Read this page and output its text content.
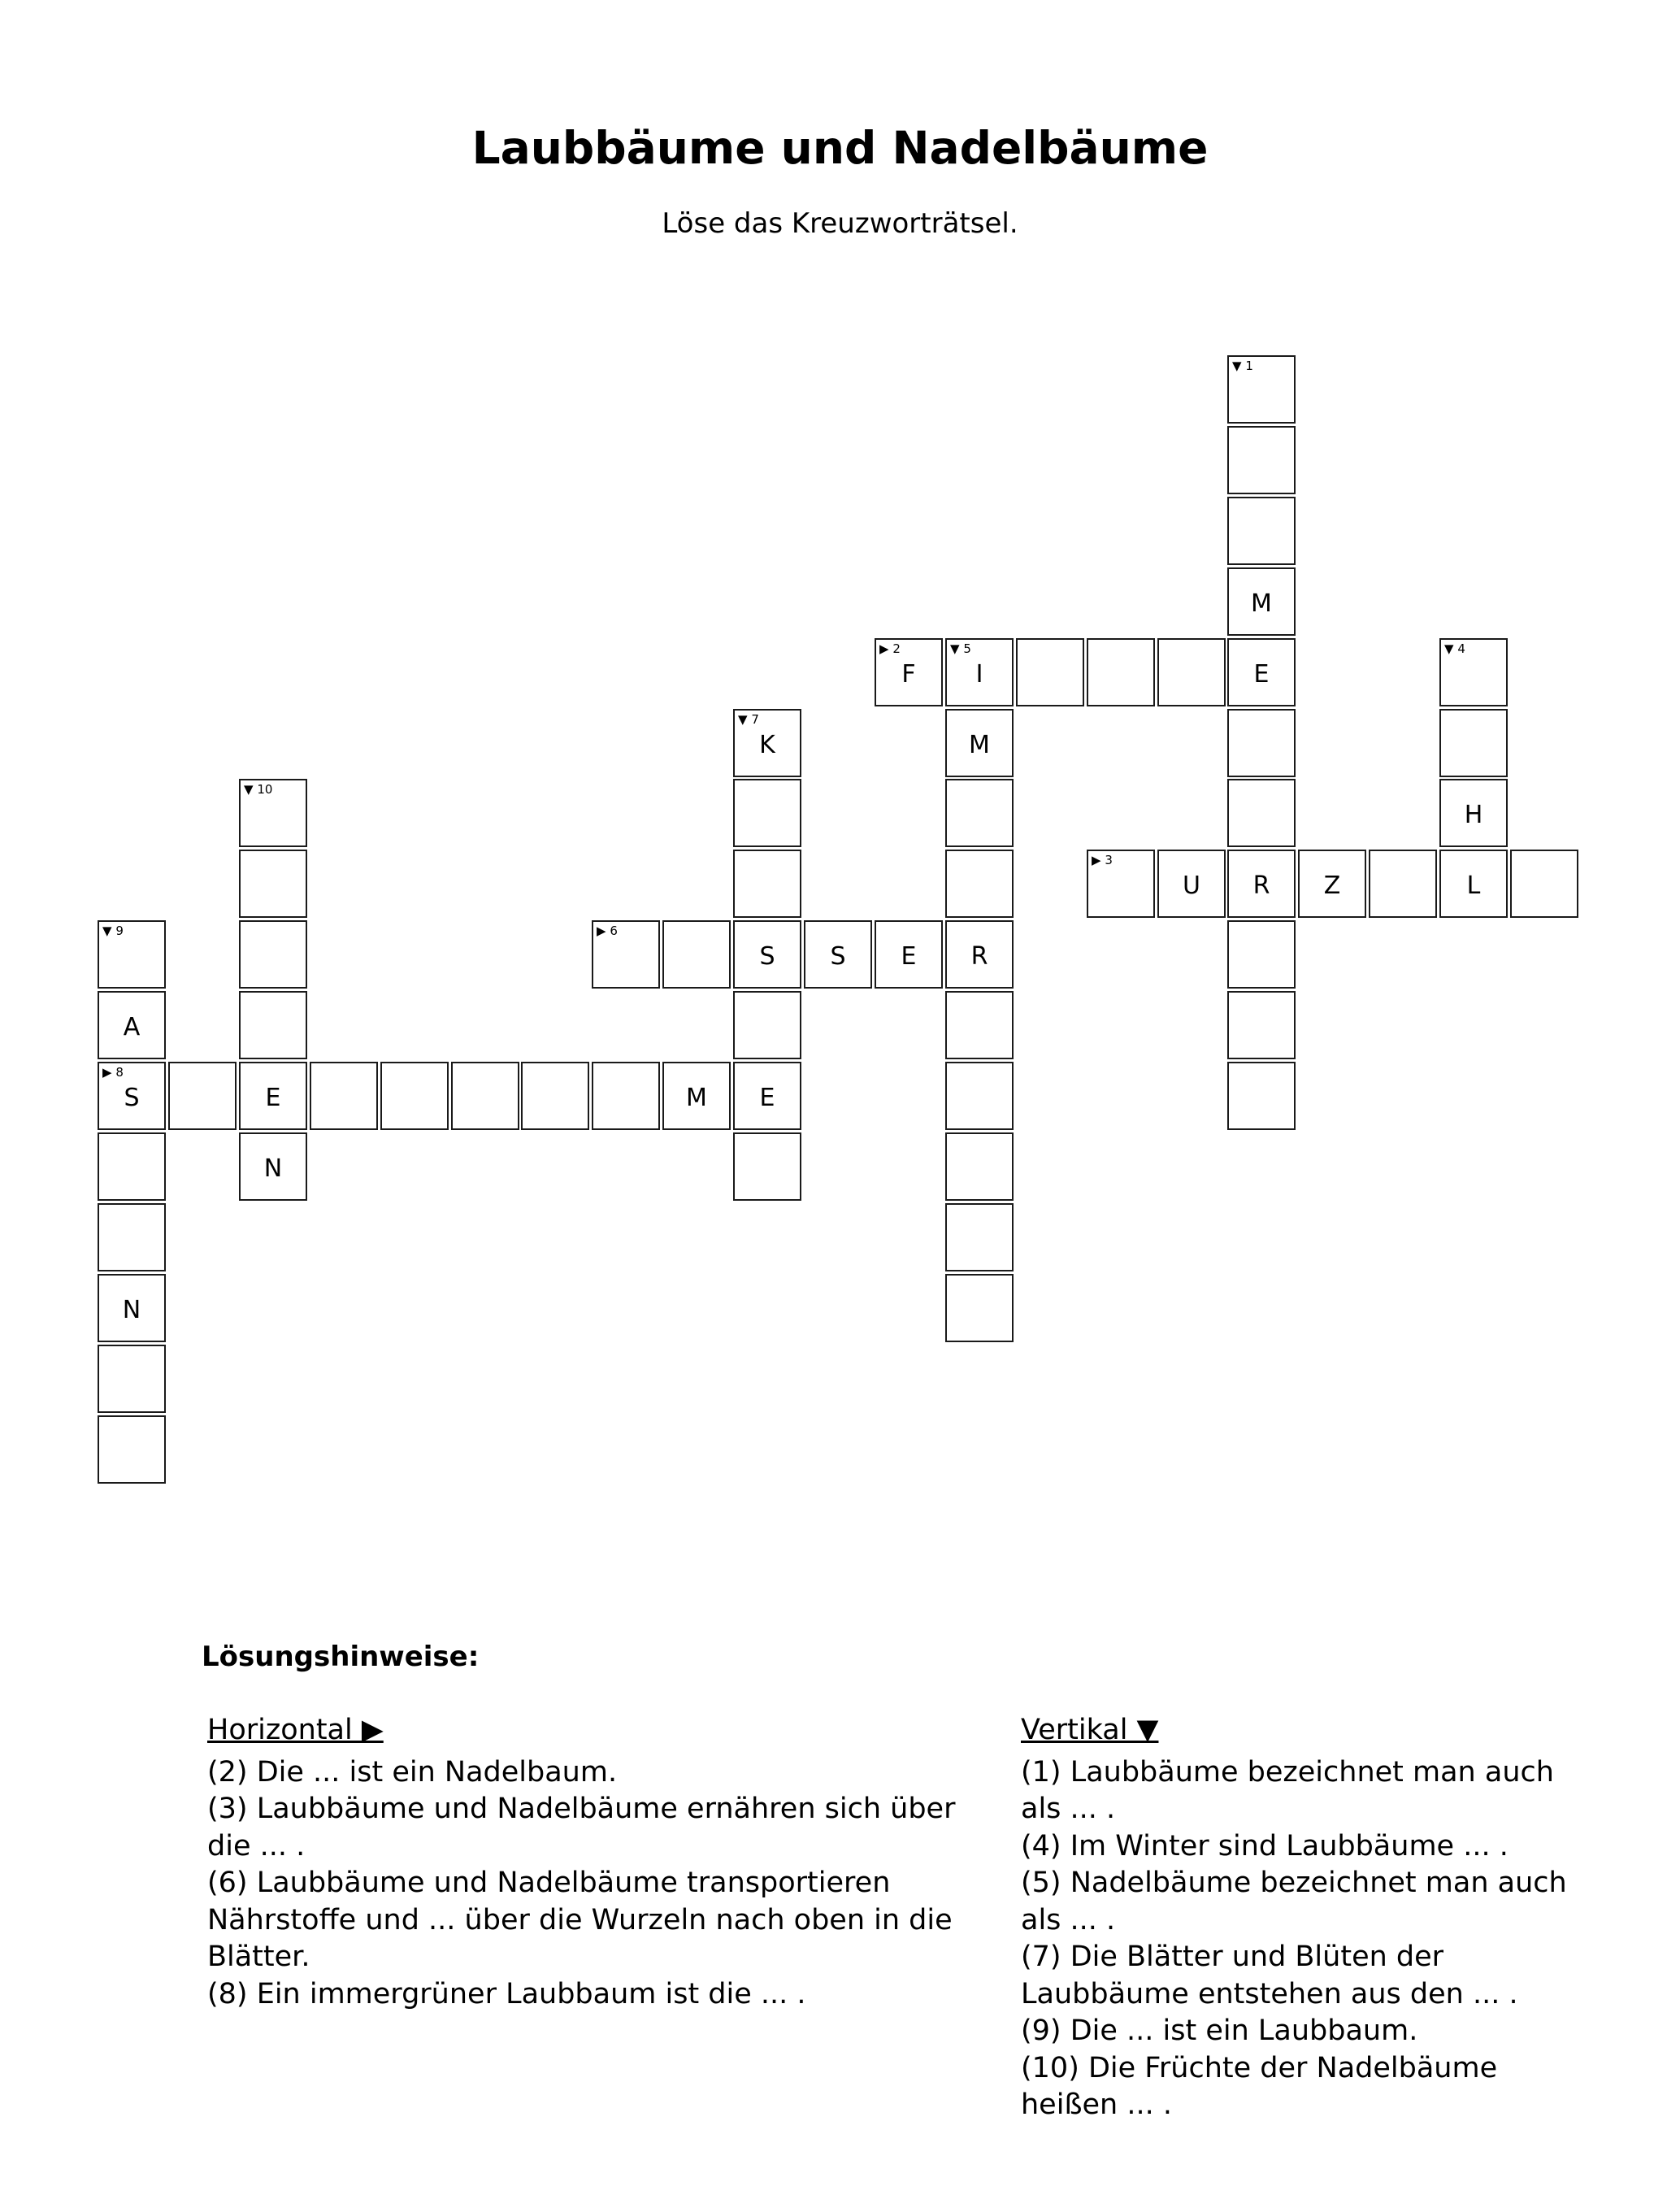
Laubbäume und Nadelbäume
Löse das Kreuzworträtsel.
▼ 1
M
E
R
▶ 2
F
▼ 5
I
▶ 3
U	Z	L
▼ 4
H
M
R
▶ 6
S	S	E
▼ 7
K
E
▶ 8
S	E	M
▼ 9
A
N
▼ 10
N
Lösungshinweise:
Horizontal ▶

(2) Die ... ist ein Nadelbaum.

(3) Laubbäume und Nadelbäume ernähren sich über die ... .

(6) Laubbäume und Nadelbäume transportieren Nährstoffe und ... über die Wurzeln nach oben in die Blätter.

(8) Ein immergrüner Laubbaum ist die ... .

Vertikal ▼

(1) Laubbäume bezeichnet man auch als ... .

(4) Im Winter sind Laubbäume ... .

(5) Nadelbäume bezeichnet man auch als ... .

(7) Die Blätter und Blüten der Laubbäume entstehen aus den ... .

(9) Die ... ist ein Laubbaum.

(10) Die Früchte der Nadelbäume heißen ... .
